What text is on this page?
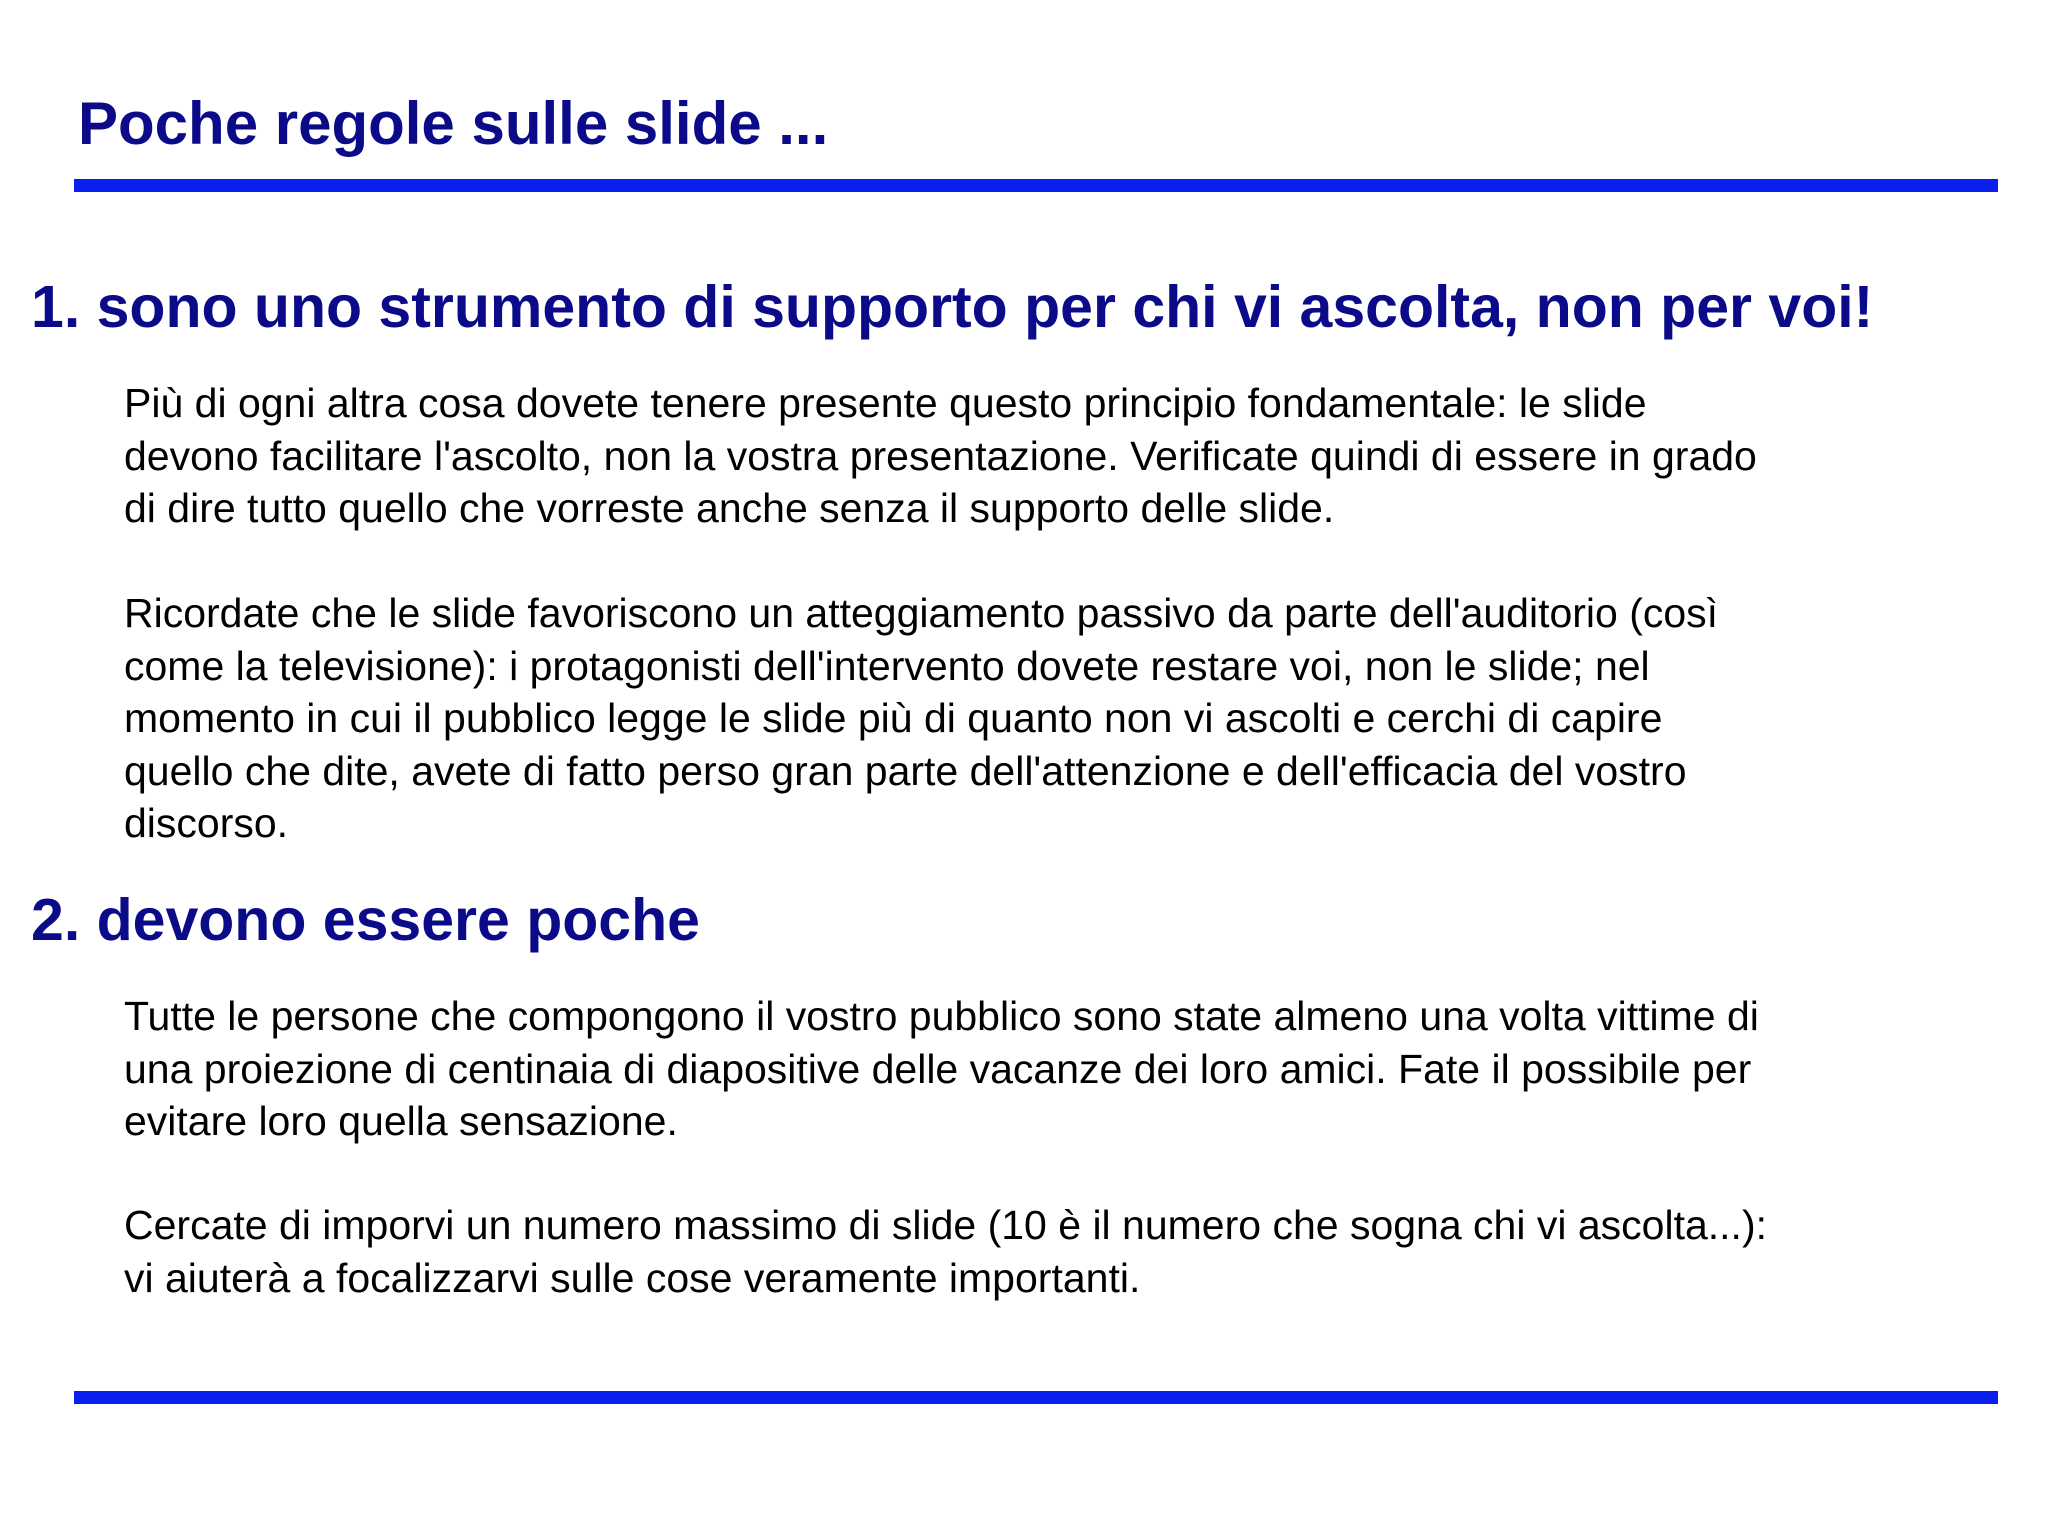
Poche regole sulle slide ...
1. sono uno strumento di supporto per chi vi ascolta, non per voi!

Più di ogni altra cosa dovete tenere presente questo principio fondamentale: le slide
devono facilitare l'ascolto, non la vostra presentazione. Verificate quindi di essere in grado
di dire tutto quello che vorreste anche senza il supporto delle slide.

Ricordate che le slide favoriscono un atteggiamento passivo da parte dell'auditorio (così
come la televisione): i protagonisti dell'intervento dovete restare voi, non le slide; nel
momento in cui il pubblico legge le slide più di quanto non vi ascolti e cerchi di capire
quello che dite, avete di fatto perso gran parte dell'attenzione e dell'efficacia del vostro
discorso.

2. devono essere poche

Tutte le persone che compongono il vostro pubblico sono state almeno una volta vittime di
una proiezione di centinaia di diapositive delle vacanze dei loro amici. Fate il possibile per
evitare loro quella sensazione.

Cercate di imporvi un numero massimo di slide (10 è il numero che sogna chi vi ascolta...):
vi aiuterà a focalizzarvi sulle cose veramente importanti.
